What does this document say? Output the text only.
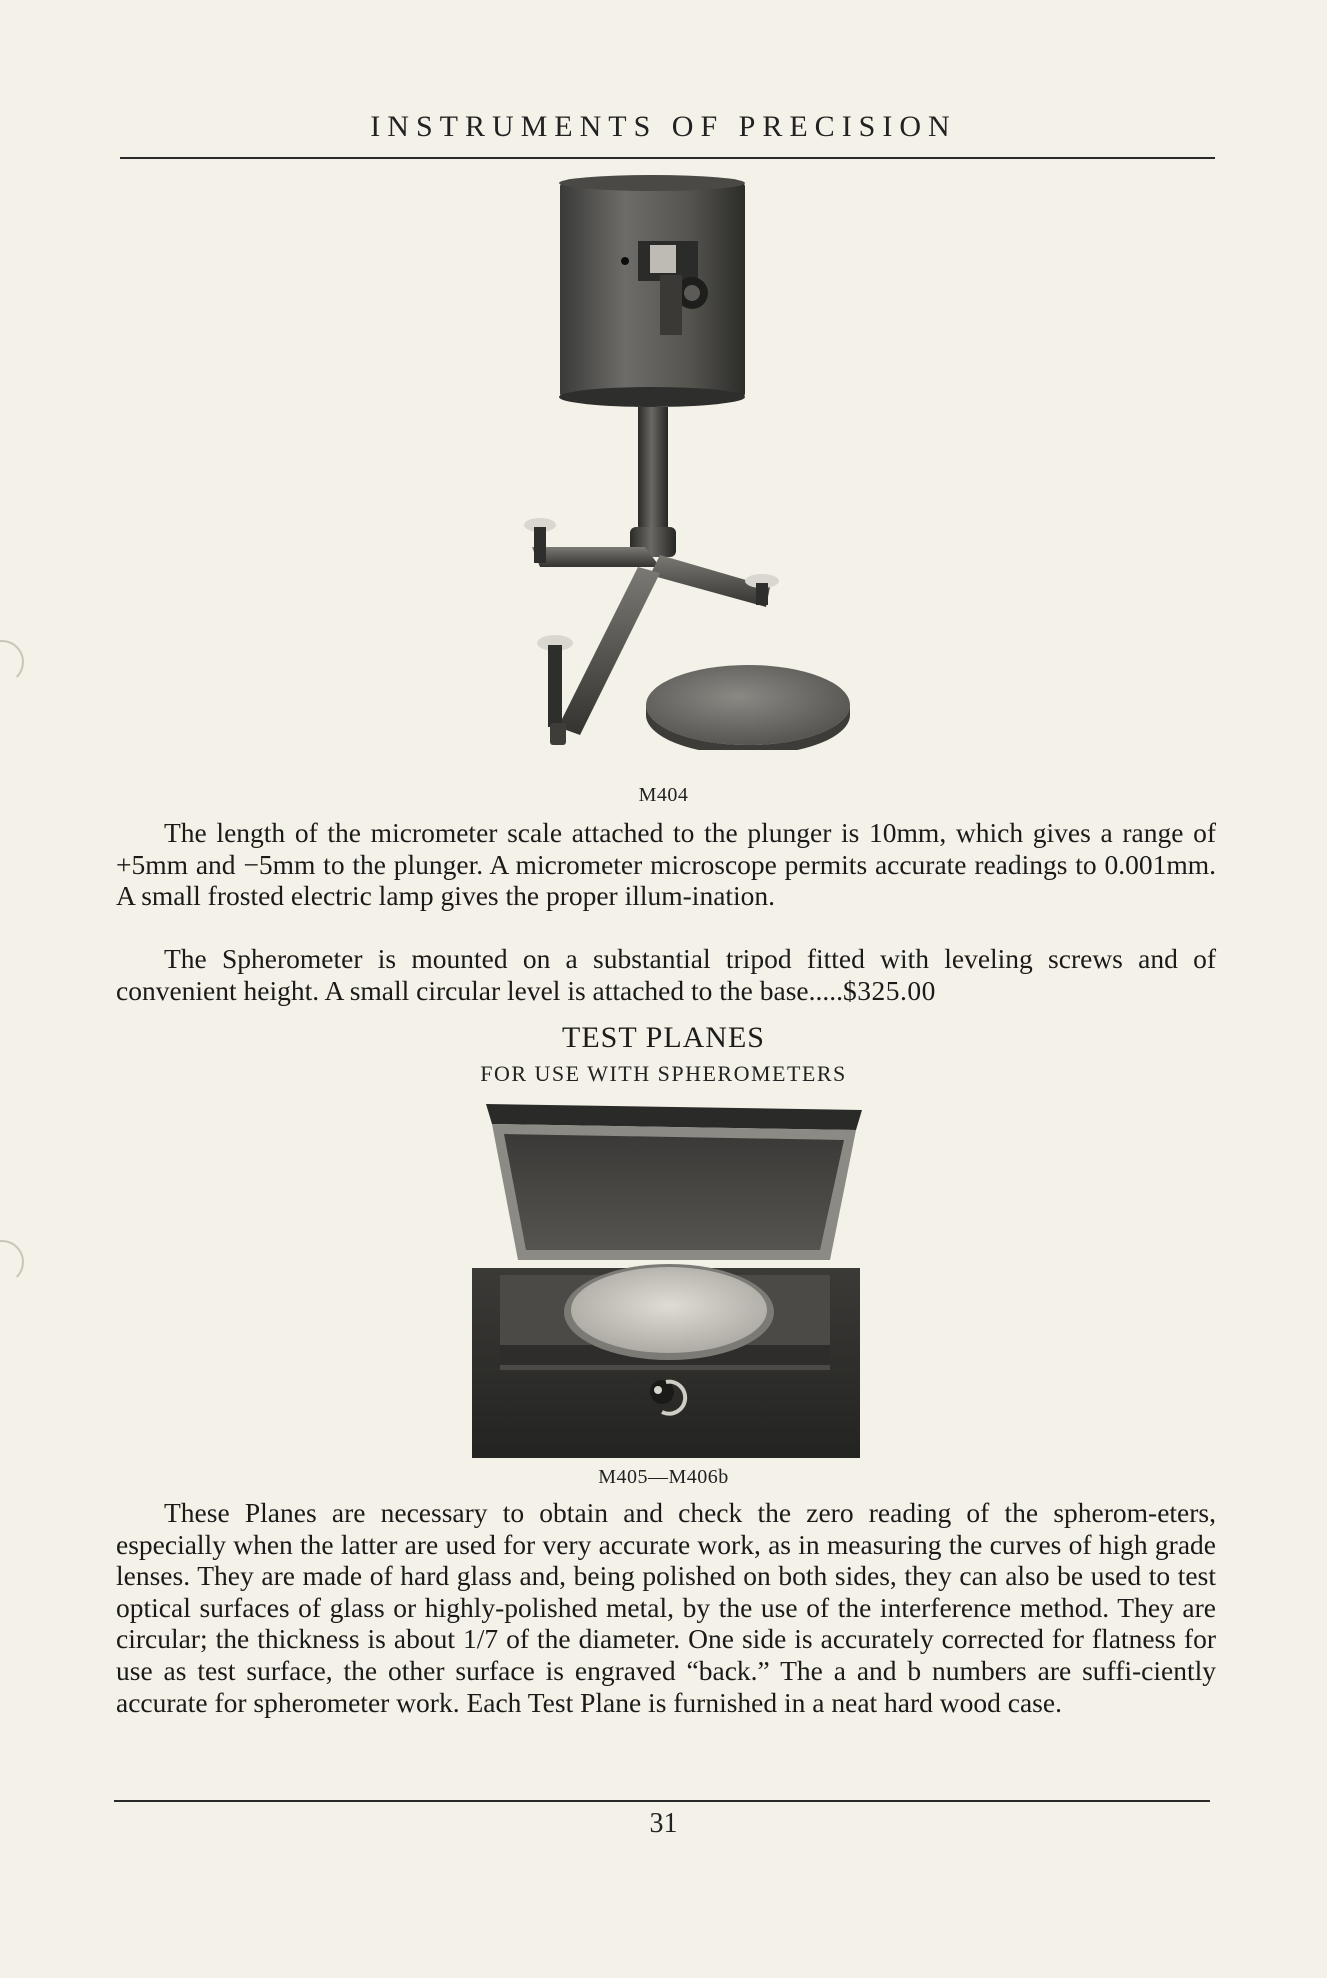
INSTRUMENTS OF PRECISION
M404
The length of the micrometer scale attached to the plunger is 10mm, which gives a range of +5mm and −5mm to the plunger. A micrometer microscope permits accurate readings to 0.001mm. A small frosted electric lamp gives the proper illum-ination.
The Spherometer is mounted on a substantial tripod fitted with leveling screws and of convenient height. A small circular level is attached to the base.....$325.00
TEST PLANES
FOR USE WITH SPHEROMETERS
M405—M406b
These Planes are necessary to obtain and check the zero reading of the spherom-eters, especially when the latter are used for very accurate work, as in measuring the curves of high grade lenses. They are made of hard glass and, being polished on both sides, they can also be used to test optical surfaces of glass or highly-polished metal, by the use of the interference method. They are circular; the thickness is about 1/7 of the diameter. One side is accurately corrected for flatness for use as test surface, the other surface is engraved “back.” The a and b numbers are suffi-ciently accurate for spherometer work. Each Test Plane is furnished in a neat hard wood case.
31
